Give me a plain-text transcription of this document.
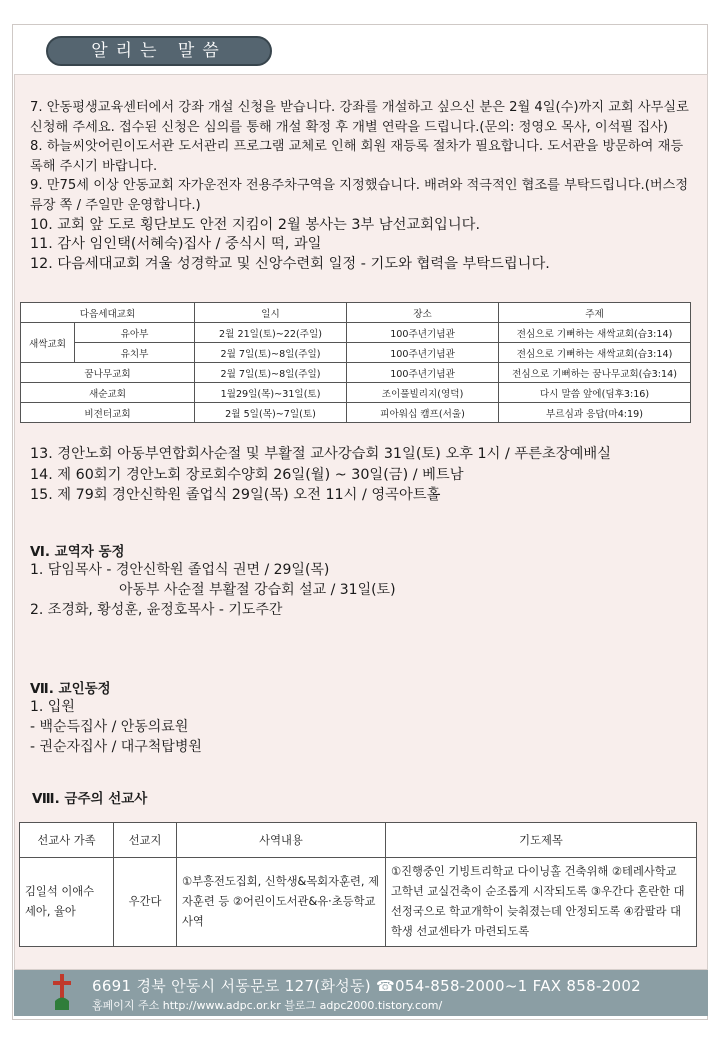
알리는 말씀

7. 안동평생교육센터에서 강좌 개설 신청을 받습니다. 강좌를 개설하고 싶으신 분은 2월 4일(수)까지 교회 사무실로 신청해 주세요. 접수된 신청은 심의를 통해 개설 확정 후 개별 연락을 드립니다.(문의: 정영오 목사, 이석필 집사)

8. 하늘씨앗어린이도서관 도서관리 프로그램 교체로 인해 회원 재등록 절차가 필요합니다. 도서관을 방문하여 재등록해 주시기 바랍니다.

9. 만75세 이상 안동교회 자가운전자 전용주차구역을 지정했습니다. 배려와 적극적인 협조를 부탁드립니다.(버스정류장 쪽 / 주일만 운영합니다.)

10. 교회 앞 도로 횡단보도 안전 지킴이 2월 봉사는 3부 남선교회입니다.

11. 감사 임인택(서혜숙)집사 / 중식시 떡, 과일

12. 다음세대교회 겨울 성경학교 및 신앙수련회 일정 - 기도와 협력을 부탁드립니다.

다음세대교회		일시	장소	주제
새싹교회	유아부	2월 21일(토)~22(주일)	100주년기념관	전심으로 기뻐하는 새싹교회(습3:14)
	유치부	2월 7일(토)~8일(주일)	100주년기념관	전심으로 기뻐하는 새싹교회(습3:14)
꿈나무교회		2월 7일(토)~8일(주일)	100주년기념관	전심으로 기뻐하는 꿈나무교회(습3:14)
새순교회		1월29일(목)~31일(토)	조이풀빌리지(영덕)	다시 말씀 앞에(딤후3:16)
비전터교회		2월 5일(목)~7일(토)	피아워십 캠프(서울)	부르심과 응답(마4:19)

13. 경안노회 아동부연합회사순절 및 부활절 교사강습회 31일(토) 오후 1시 / 푸른초장예배실

14. 제 60회기 경안노회 장로회수양회 26일(월) ~ 30일(금) / 베트남

15. 제 79회 경안신학원 졸업식 29일(목) 오전 11시 / 영곡아트홀

Ⅵ. 교역자 동정

1. 담임목사 - 경안신학원 졸업식 권면 / 29일(목)

아동부 사순절 부활절 강습회 설교 / 31일(토)

2. 조경화, 황성훈, 윤정호목사 - 기도주간

Ⅶ. 교인동정

1. 입원

- 백순득집사 / 안동의료원

- 권순자집사 / 대구척탑병원

Ⅷ. 금주의 선교사
선교사 가족	선교지	사역내용	기도제목
김일석 이애수 세아, 율아	우간다	①부흥전도집회, 신학생&목회자훈련, 제자훈련 등 ②어린이도서관&유·초등학교사역	①진행중인 기빙트리학교 다이닝홀 건축위해 ②테레사학교 고학년 교실건축이 순조롭게 시작되도록 ③우간다 혼란한 대선정국으로 학교개학이 늦춰졌는데 안정되도록 ④캄팔라 대학생 선교센타가 마련되도록
6691 경북 안동시 서동문로 127(화성동) ☎054-858-2000~1 FAX 858-2002
홈페이지 주소 http://www.adpc.or.kr 블로그 adpc2000.tistory.com/
